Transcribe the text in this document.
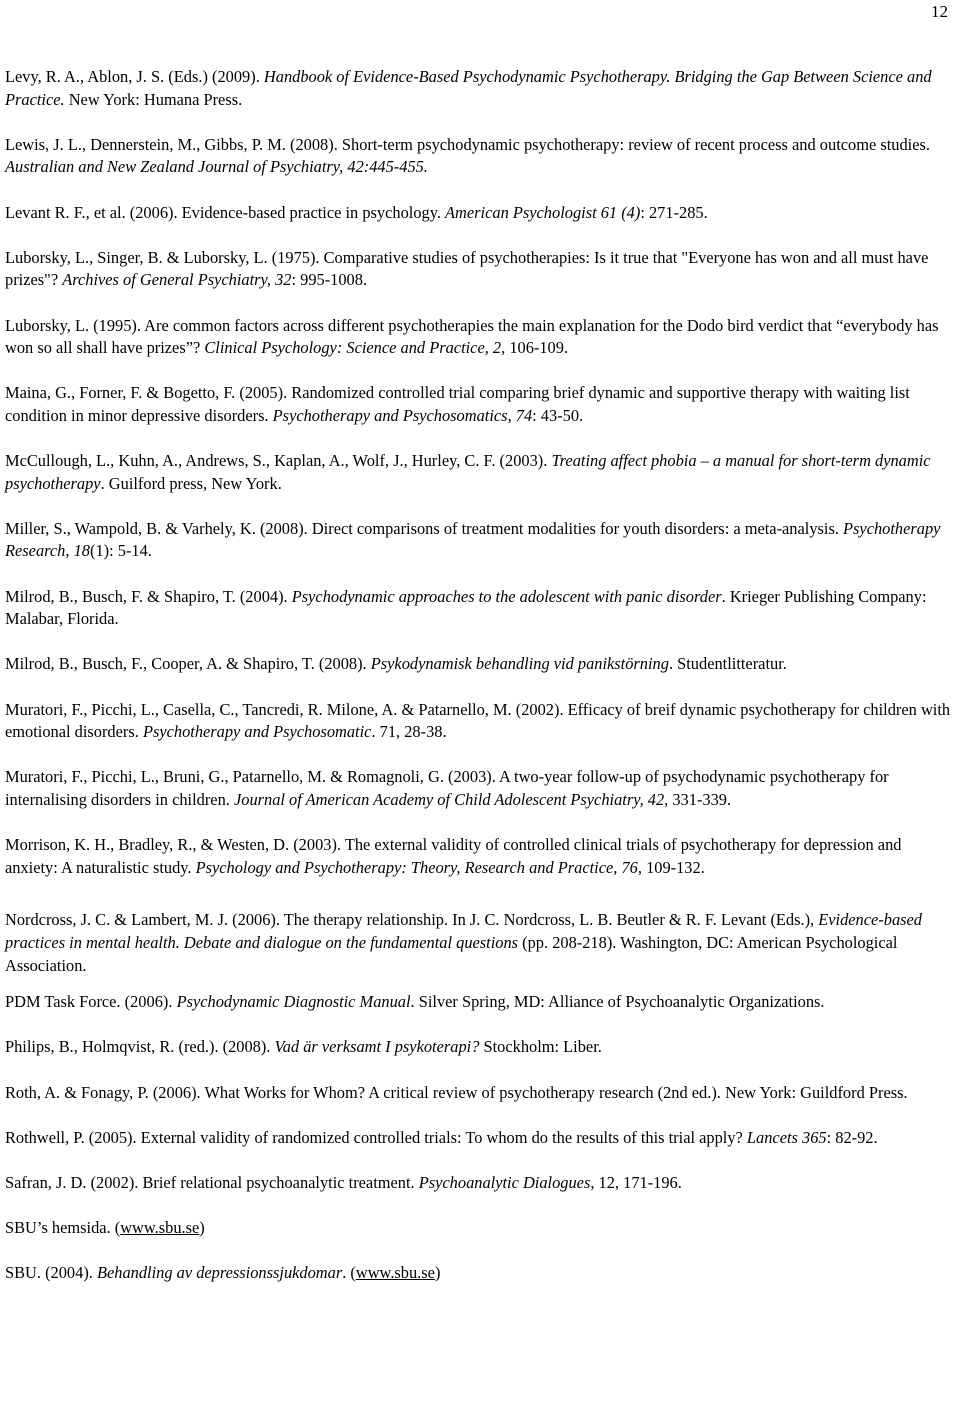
12
Levy, R. A., Ablon, J. S. (Eds.) (2009). Handbook of Evidence-Based Psychodynamic Psychotherapy. Bridging the Gap Between Science and Practice. New York: Humana Press.
Lewis, J. L., Dennerstein, M., Gibbs, P. M. (2008). Short-term psychodynamic psychotherapy: review of recent process and outcome studies. Australian and New Zealand Journal of Psychiatry, 42:445-455.
Levant R. F., et al. (2006). Evidence-based practice in psychology. American Psychologist 61 (4): 271-285.
Luborsky, L., Singer, B. & Luborsky, L. (1975). Comparative studies of psychotherapies: Is it true that "Everyone has won and all must have prizes"? Archives of General Psychiatry, 32: 995-1008.
Luborsky, L. (1995). Are common factors across different psychotherapies the main explanation for the Dodo bird verdict that “everybody has won so all shall have prizes”? Clinical Psychology: Science and Practice, 2, 106-109.
Maina, G., Forner, F. & Bogetto, F. (2005). Randomized controlled trial comparing brief dynamic and supportive therapy with waiting list condition in minor depressive disorders. Psychotherapy and Psychosomatics, 74: 43-50.
McCullough, L., Kuhn, A., Andrews, S., Kaplan, A., Wolf, J., Hurley, C. F. (2003). Treating affect phobia – a manual for short-term dynamic psychotherapy. Guilford press, New York.
Miller, S., Wampold, B. & Varhely, K. (2008). Direct comparisons of treatment modalities for youth disorders: a meta-analysis. Psychotherapy Research, 18(1): 5-14.
Milrod, B., Busch, F. & Shapiro, T. (2004). Psychodynamic approaches to the adolescent with panic disorder. Krieger Publishing Company: Malabar, Florida.
Milrod, B., Busch, F., Cooper, A. & Shapiro, T. (2008). Psykodynamisk behandling vid panikstörning. Studentlitteratur.
Muratori, F., Picchi, L., Casella, C., Tancredi, R. Milone, A. & Patarnello, M. (2002). Efficacy of breif dynamic psychotherapy for children with emotional disorders. Psychotherapy and Psychosomatic. 71, 28-38.
Muratori, F., Picchi, L., Bruni, G., Patarnello, M. & Romagnoli, G. (2003). A two-year follow-up of psychodynamic psychotherapy for internalising disorders in children. Journal of American Academy of Child Adolescent Psychiatry, 42, 331-339.
Morrison, K. H., Bradley, R., & Westen, D. (2003). The external validity of controlled clinical trials of psychotherapy for depression and anxiety: A naturalistic study. Psychology and Psychotherapy: Theory, Research and Practice, 76, 109-132.
Nordcross, J. C. & Lambert, M. J. (2006). The therapy relationship. In J. C. Nordcross, L. B. Beutler & R. F. Levant (Eds.), Evidence-based practices in mental health. Debate and dialogue on the fundamental questions (pp. 208-218). Washington, DC: American Psychological Association.
PDM Task Force. (2006). Psychodynamic Diagnostic Manual. Silver Spring, MD: Alliance of Psychoanalytic Organizations.
Philips, B., Holmqvist, R. (red.). (2008). Vad är verksamt I psykoterapi? Stockholm: Liber.
Roth, A. & Fonagy, P. (2006). What Works for Whom? A critical review of psychotherapy research (2nd ed.). New York: Guildford Press.
Rothwell, P. (2005). External validity of randomized controlled trials: To whom do the results of this trial apply? Lancets 365: 82-92.
Safran, J. D. (2002). Brief relational psychoanalytic treatment. Psychoanalytic Dialogues, 12, 171-196.
SBU’s hemsida. (www.sbu.se)
SBU. (2004). Behandling av depressionssjukdomar. (www.sbu.se)
